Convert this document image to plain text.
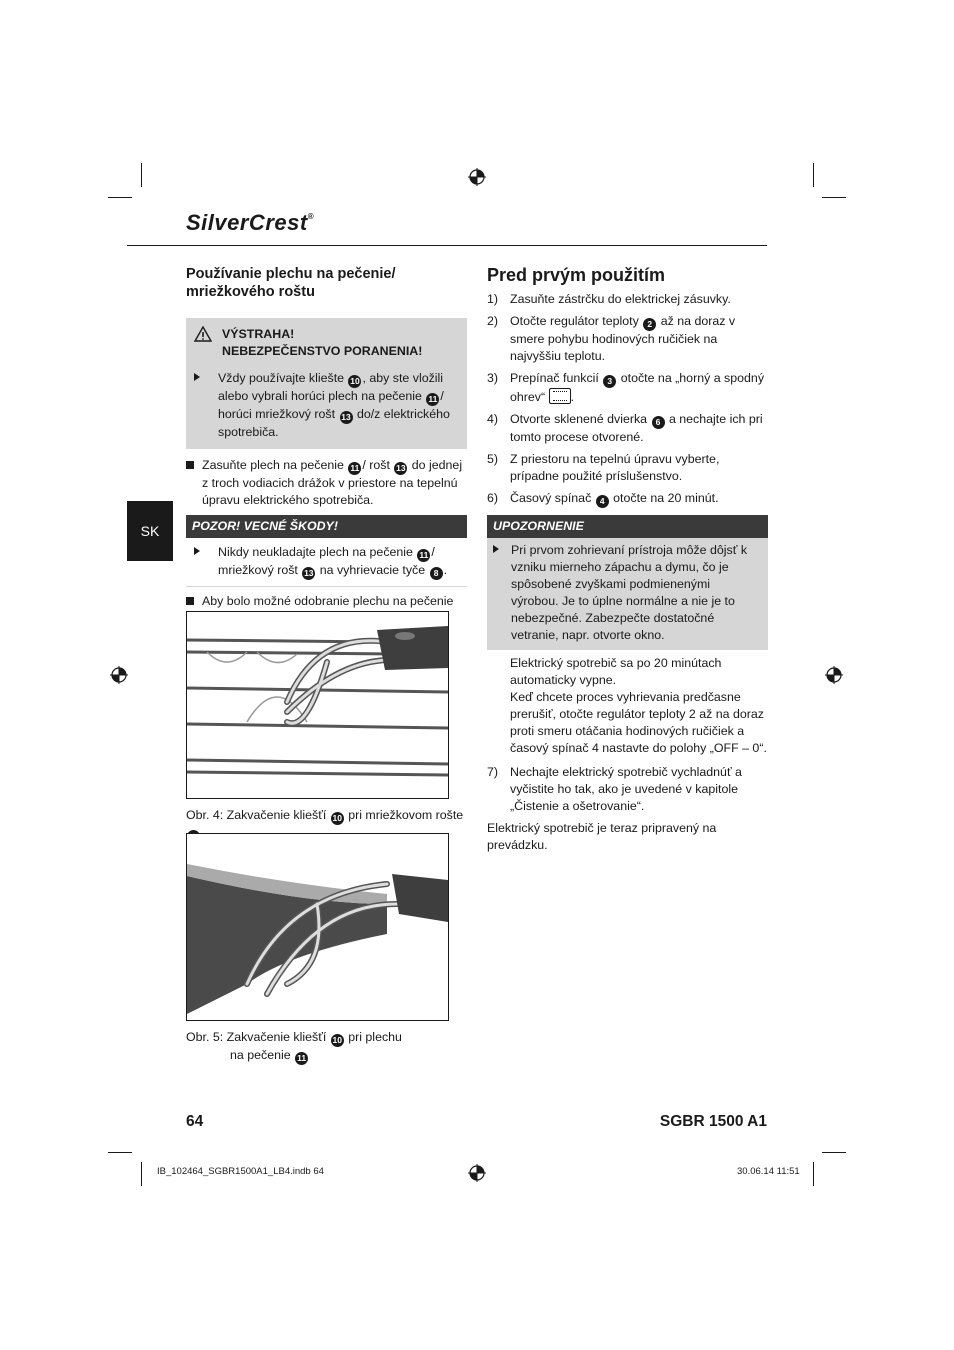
SilverCrest®
SK
Používanie plechu na pečenie/ mriežkového roštu
VÝSTRAHA!
NEBEZPEČENSTVO PORANENIA!
Vždy používajte kliešte 10 , aby ste vložili alebo vybrali horúci plech na pečenie 11 / horúci mriežkový rošt 13 do/z elektrického spotrebiča.
Zasuňte plech na pečenie 11 / rošt 13 do jednej z troch vodiacich drážok v priestore na tepelnú úpravu elektrického spotrebiča.
POZOR! VECNÉ ŠKODY!
Nikdy neukladajte plech na pečenie 11 / mriežkový rošt 13 na vyhrievacie tyče 8 .
Aby bolo možné odobranie plechu na pečenie
Obr. 4: Zakvačenie kliešťí 10 pri mriežkovom rošte
Obr. 5: Zakvačenie kliešťí 10 pri plechu
na pečenie 11
Pred prvým použitím
1) Zasuňte zástrčku do elektrickej zásuvky.
2) Otočte regulátor teploty 2 až na doraz v smere pohybu hodinových ručičiek na najvyššiu teplotu.
3) Prepínač funkcií 3 otočte na „horný a spodný ohrev“
.
4) Otvorte sklenené dvierka 6 a nechajte ich pri tomto procese otvorené.
5) Z priestoru na tepelnú úpravu vyberte, prípadne použité príslušenstvo.
6) Časový spínač 4 otočte na 20 minút.
UPOZORNENIE
Pri prvom zohrievaní prístroja môže dôjsť k vzniku mierneho zápachu a dymu, čo je spôsobené zvyškami podmienenými výrobou. Je to úplne normálne a nie je to nebezpečné. Zabezpečte dostatočné vetranie, napr. otvorte okno.
Elektrický spotrebič sa po 20 minútach automaticky vypne.
Keď chcete proces vyhrievania predčasne prerušiť, otočte regulátor teploty 2 až na doraz proti smeru otáčania hodinových ručičiek a časový spínač 4 nastavte do polohy „OFF – 0“.
7) Nechajte elektrický spotrebič vychladnúť a vyčistite ho tak, ako je uvedené v kapitole „Čistenie a ošetrovanie“.
Elektrický spotrebič je teraz pripravený na prevádzku.
64	SGBR 1500 A1
IB_102464_SGBR1500A1_LB4.indb 64	30.06.14 11:51
